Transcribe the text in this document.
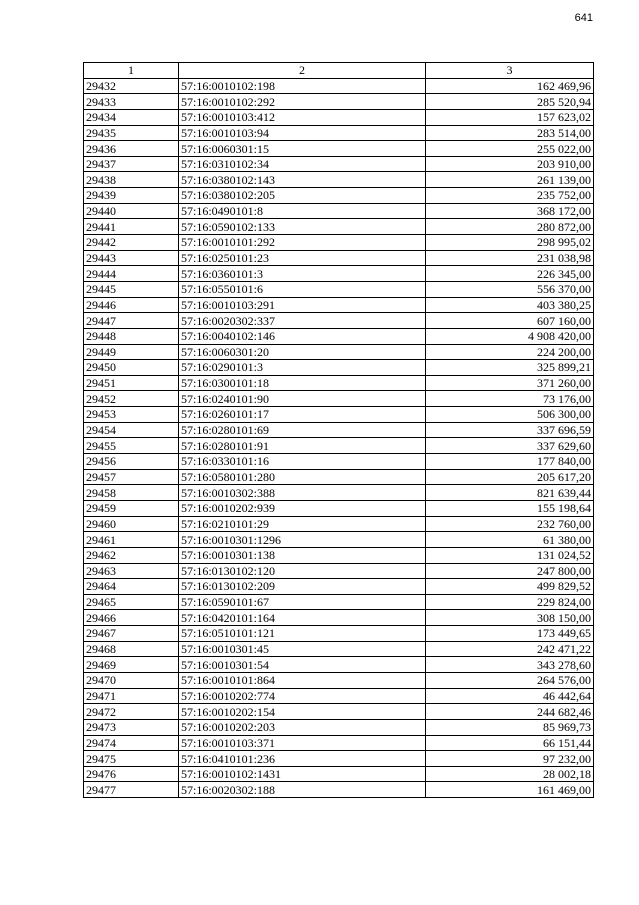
641
1	2	3
29432	57:16:0010102:198	162 469,96
29433	57:16:0010102:292	285 520,94
29434	57:16:0010103:412	157 623,02
29435	57:16:0010103:94	283 514,00
29436	57:16:0060301:15	255 022,00
29437	57:16:0310102:34	203 910,00
29438	57:16:0380102:143	261 139,00
29439	57:16:0380102:205	235 752,00
29440	57:16:0490101:8	368 172,00
29441	57:16:0590102:133	280 872,00
29442	57:16:0010101:292	298 995,02
29443	57:16:0250101:23	231 038,98
29444	57:16:0360101:3	226 345,00
29445	57:16:0550101:6	556 370,00
29446	57:16:0010103:291	403 380,25
29447	57:16:0020302:337	607 160,00
29448	57:16:0040102:146	4 908 420,00
29449	57:16:0060301:20	224 200,00
29450	57:16:0290101:3	325 899,21
29451	57:16:0300101:18	371 260,00
29452	57:16:0240101:90	73 176,00
29453	57:16:0260101:17	506 300,00
29454	57:16:0280101:69	337 696,59
29455	57:16:0280101:91	337 629,60
29456	57:16:0330101:16	177 840,00
29457	57:16:0580101:280	205 617,20
29458	57:16:0010302:388	821 639,44
29459	57:16:0010202:939	155 198,64
29460	57:16:0210101:29	232 760,00
29461	57:16:0010301:1296	61 380,00
29462	57:16:0010301:138	131 024,52
29463	57:16:0130102:120	247 800,00
29464	57:16:0130102:209	499 829,52
29465	57:16:0590101:67	229 824,00
29466	57:16:0420101:164	308 150,00
29467	57:16:0510101:121	173 449,65
29468	57:16:0010301:45	242 471,22
29469	57:16:0010301:54	343 278,60
29470	57:16:0010101:864	264 576,00
29471	57:16:0010202:774	46 442,64
29472	57:16:0010202:154	244 682,46
29473	57:16:0010202:203	85 969,73
29474	57:16:0010103:371	66 151,44
29475	57:16:0410101:236	97 232,00
29476	57:16:0010102:1431	28 002,18
29477	57:16:0020302:188	161 469,00
